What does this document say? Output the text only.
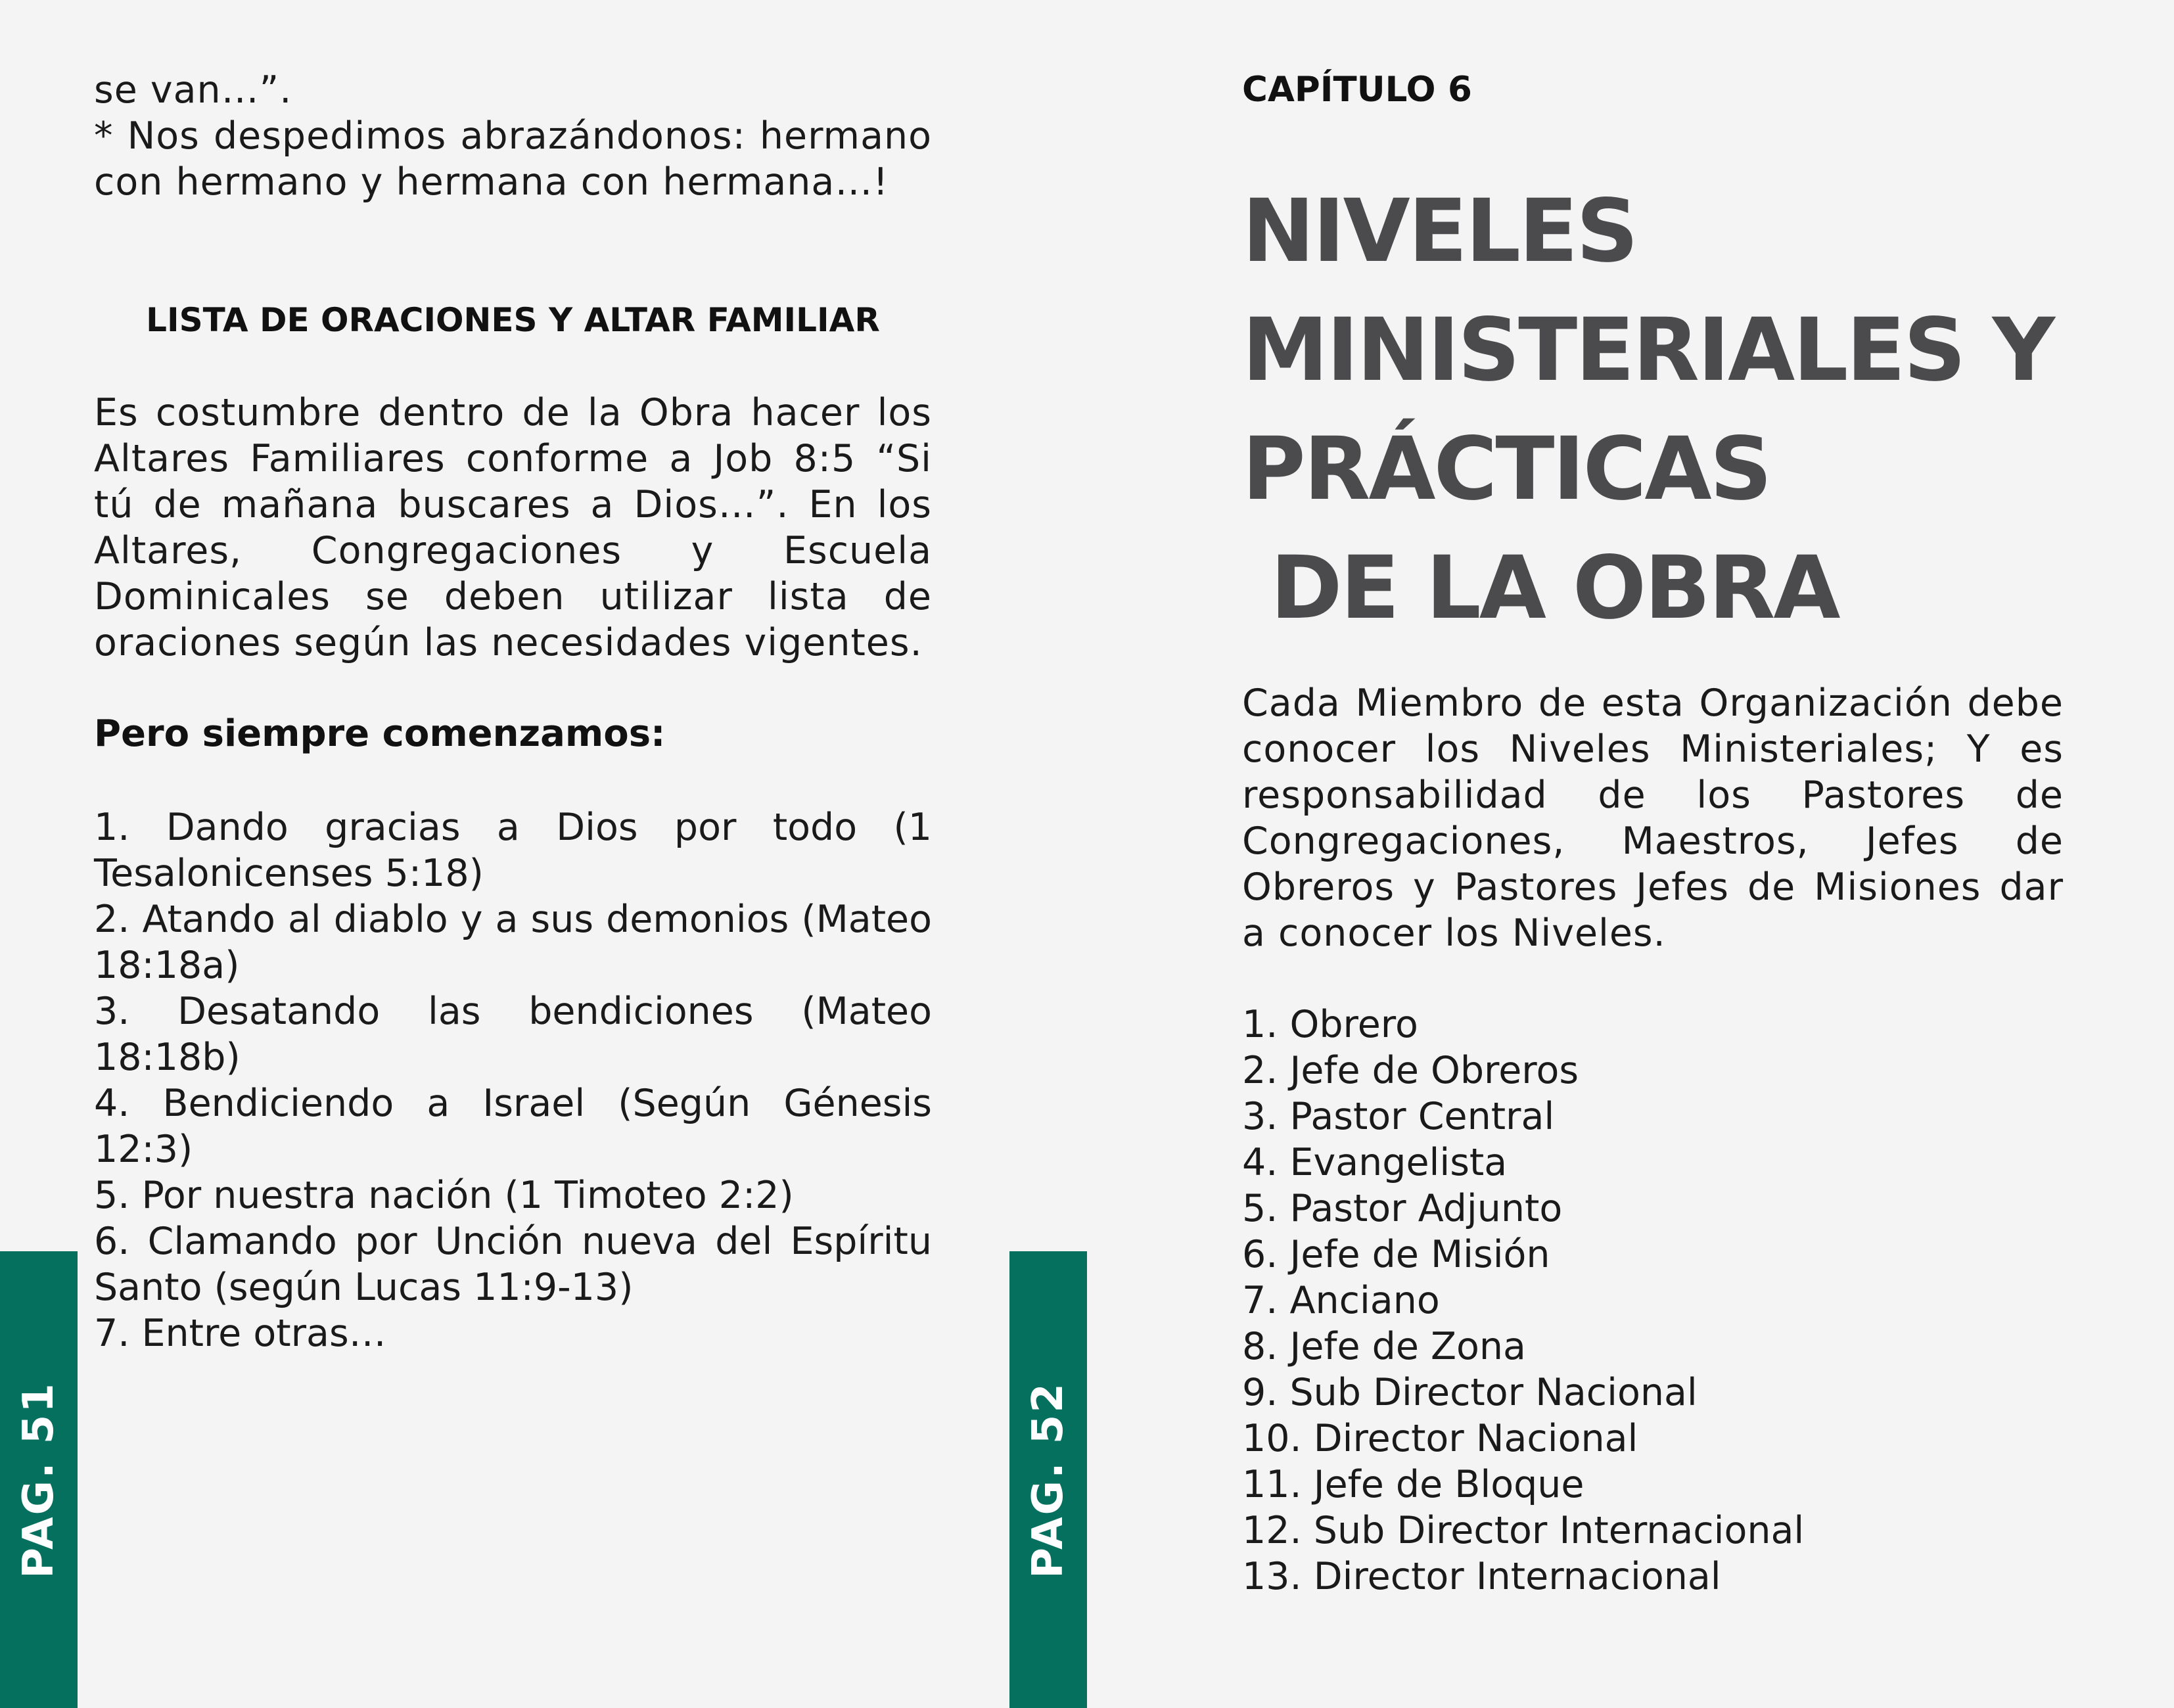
se van…”.
* Nos despedimos abrazándonos: hermano con hermano y hermana con hermana…!
LISTA DE ORACIONES Y ALTAR FAMILIAR
Es costumbre dentro de la Obra hacer los Altares Familiares conforme a Job 8:5 “Si tú de mañana buscares a Dios…”. En los Altares, Congregaciones y Escuela Dominicales se deben utilizar lista de oraciones según las necesidades vigentes.
Pero siempre comenzamos:
1. Dando gracias a Dios por todo (1 Tesalonicenses 5:18)
2. Atando al diablo y a sus demonios (Mateo 18:18a)
3. Desatando las bendiciones (Mateo 18:18b)
4. Bendiciendo a Israel (Según Génesis 12:3)
5. Por nuestra nación (1 Timoteo 2:2)
6. Clamando por Unción nueva del Espíritu Santo (según Lucas 11:9-13)
7. Entre otras…
PAG. 51
CAPÍTULO 6
NIVELES
MINISTERIALES Y
PRÁCTICAS
DE LA OBRA
Cada Miembro de esta Organización debe conocer los Niveles Ministeriales; Y es responsabilidad de los Pastores de Congregaciones, Maestros, Jefes de Obreros y Pastores Jefes de Misiones dar a conocer los Niveles.
1. Obrero
2. Jefe de Obreros
3. Pastor Central
4. Evangelista
5. Pastor Adjunto
6. Jefe de Misión
7. Anciano
8. Jefe de Zona
9. Sub Director Nacional
10. Director Nacional
11. Jefe de Bloque
12. Sub Director Internacional
13. Director Internacional
PAG. 52
